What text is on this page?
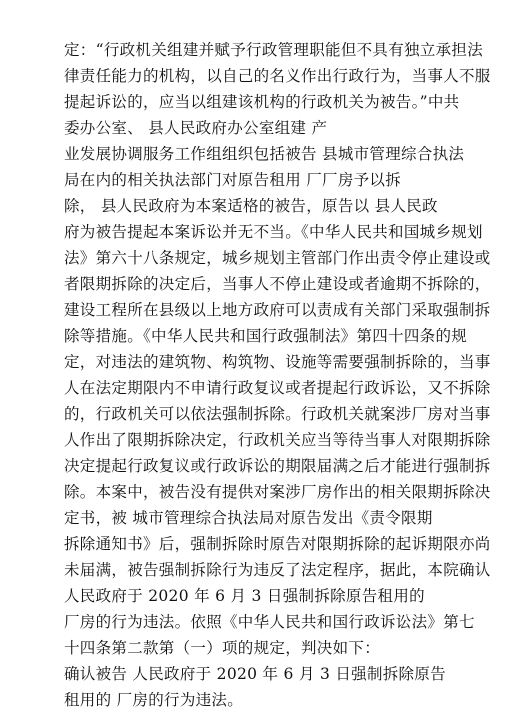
定：“行政机关组建并赋予行政管理职能但不具有独立承担法
律责任能力的机构，以自己的名义作出行政行为，当事人不服
提起诉讼的，应当以组建该机构的行政机关为被告。”中共
委办公室、 县人民政府办公室组建 产
业发展协调服务工作组组织包括被告 县城市管理综合执法
局在内的相关执法部门对原告租用 厂厂房予以拆
除， 县人民政府为本案适格的被告，原告以 县人民政
府为被告提起本案诉讼并无不当。《中华人民共和国城乡规划
法》第六十八条规定，城乡规划主管部门作出责令停止建设或
者限期拆除的决定后，当事人不停止建设或者逾期不拆除的，
建设工程所在县级以上地方政府可以责成有关部门采取强制拆
除等措施。《中华人民共和国行政强制法》第四十四条的规
定，对违法的建筑物、构筑物、设施等需要强制拆除的，当事
人在法定期限内不申请行政复议或者提起行政诉讼，又不拆除
的，行政机关可以依法强制拆除。行政机关就案涉厂房对当事
人作出了限期拆除决定，行政机关应当等待当事人对限期拆除
决定提起行政复议或行政诉讼的期限届满之后才能进行强制拆
除。本案中，被告没有提供对案涉厂房作出的相关限期拆除决
定书，被 城市管理综合执法局对原告发出《责令限期
拆除通知书》后，强制拆除时原告对限期拆除的起诉期限亦尚
未届满，被告强制拆除行为违反了法定程序，据此，本院确认
人民政府于 2020 年 6 月 3 日强制拆除原告租用的
厂房的行为违法。依照《中华人民共和国行政诉讼法》第七
十四条第二款第（一）项的规定，判决如下：
确认被告 人民政府于 2020 年 6 月 3 日强制拆除原告
租用的 厂房的行为违法。
